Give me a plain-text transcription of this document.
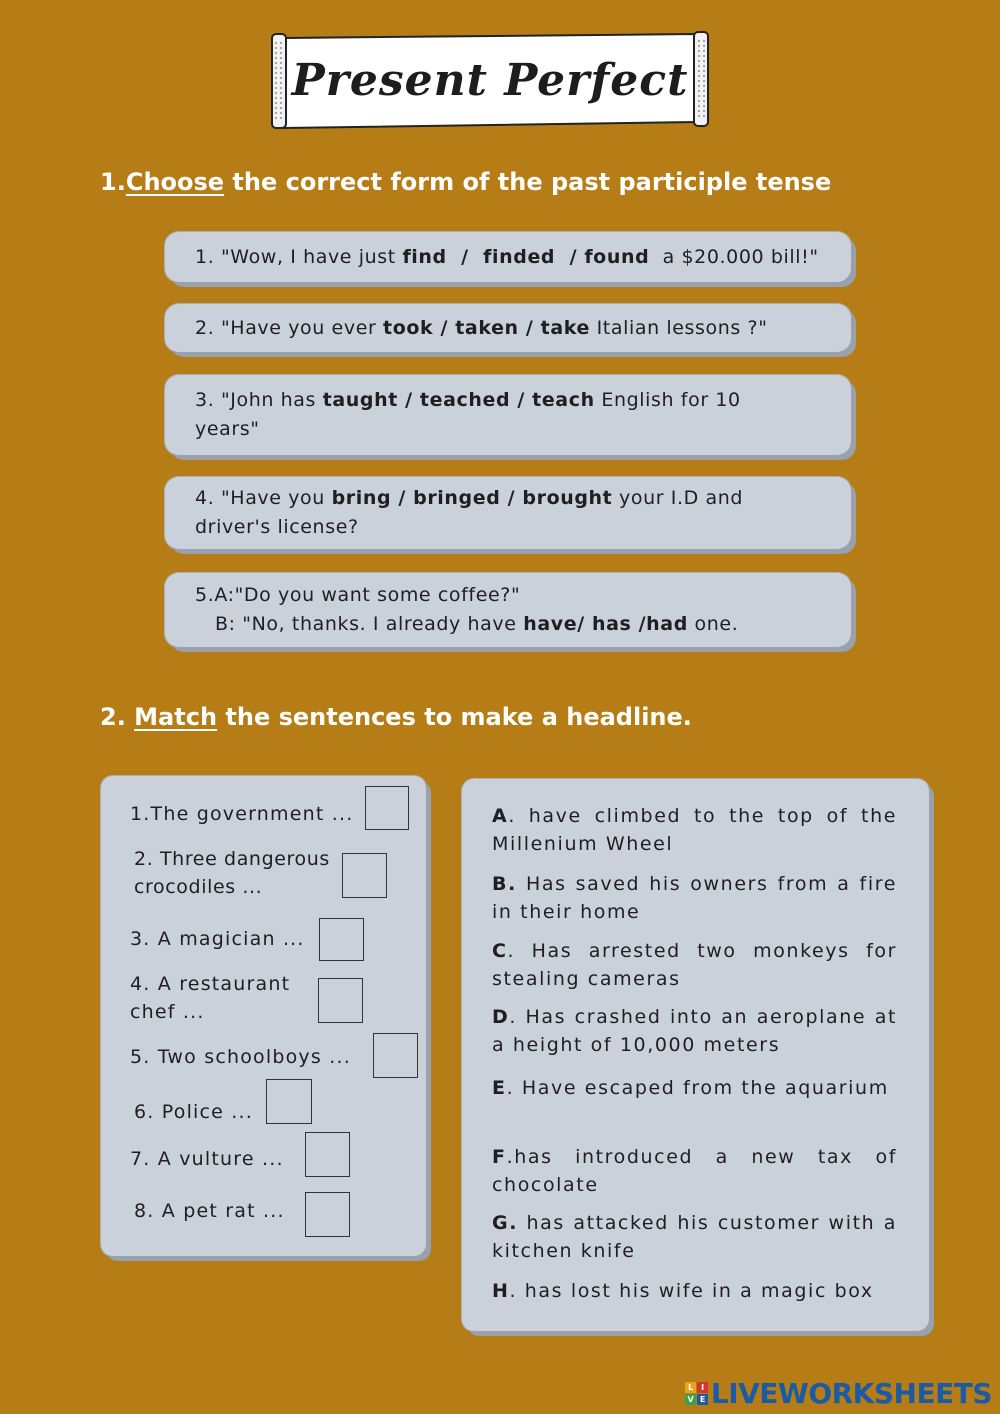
Present Perfect
1.Choose the correct form of the past participle tense
1. "Wow, I have just find  /  finded  / found  a $20.000 bill!"
2. "Have you ever took / taken / take Italian lessons ?"
3. "John has taught / teached / teach English for 10 years"
4. "Have you bring / bringed / brought your I.D and driver's license?
5.A:"Do you want some coffee?"
B: "No, thanks. I already have have/ has /had one.
2. Match the sentences to make a headline.
1.The government ...
2. Three dangerous crocodiles ...
3. A magician ...
4. A restaurant chef ...
5. Two schoolboys ...
6. Police ...
7. A vulture ...
8. A pet rat ...
A. have climbed to the top of the Millenium Wheel
B. Has saved his owners from a fire in their home
C. Has arrested two monkeys for stealing cameras
D. Has crashed into an aeroplane at a height of 10,000 meters
E. Have escaped from the aquarium
F.has introduced a new tax of chocolate
G. has attacked his customer with a kitchen knife
H. has lost his wife in a magic box
L	I
V E LIVEWORKSHEETS
